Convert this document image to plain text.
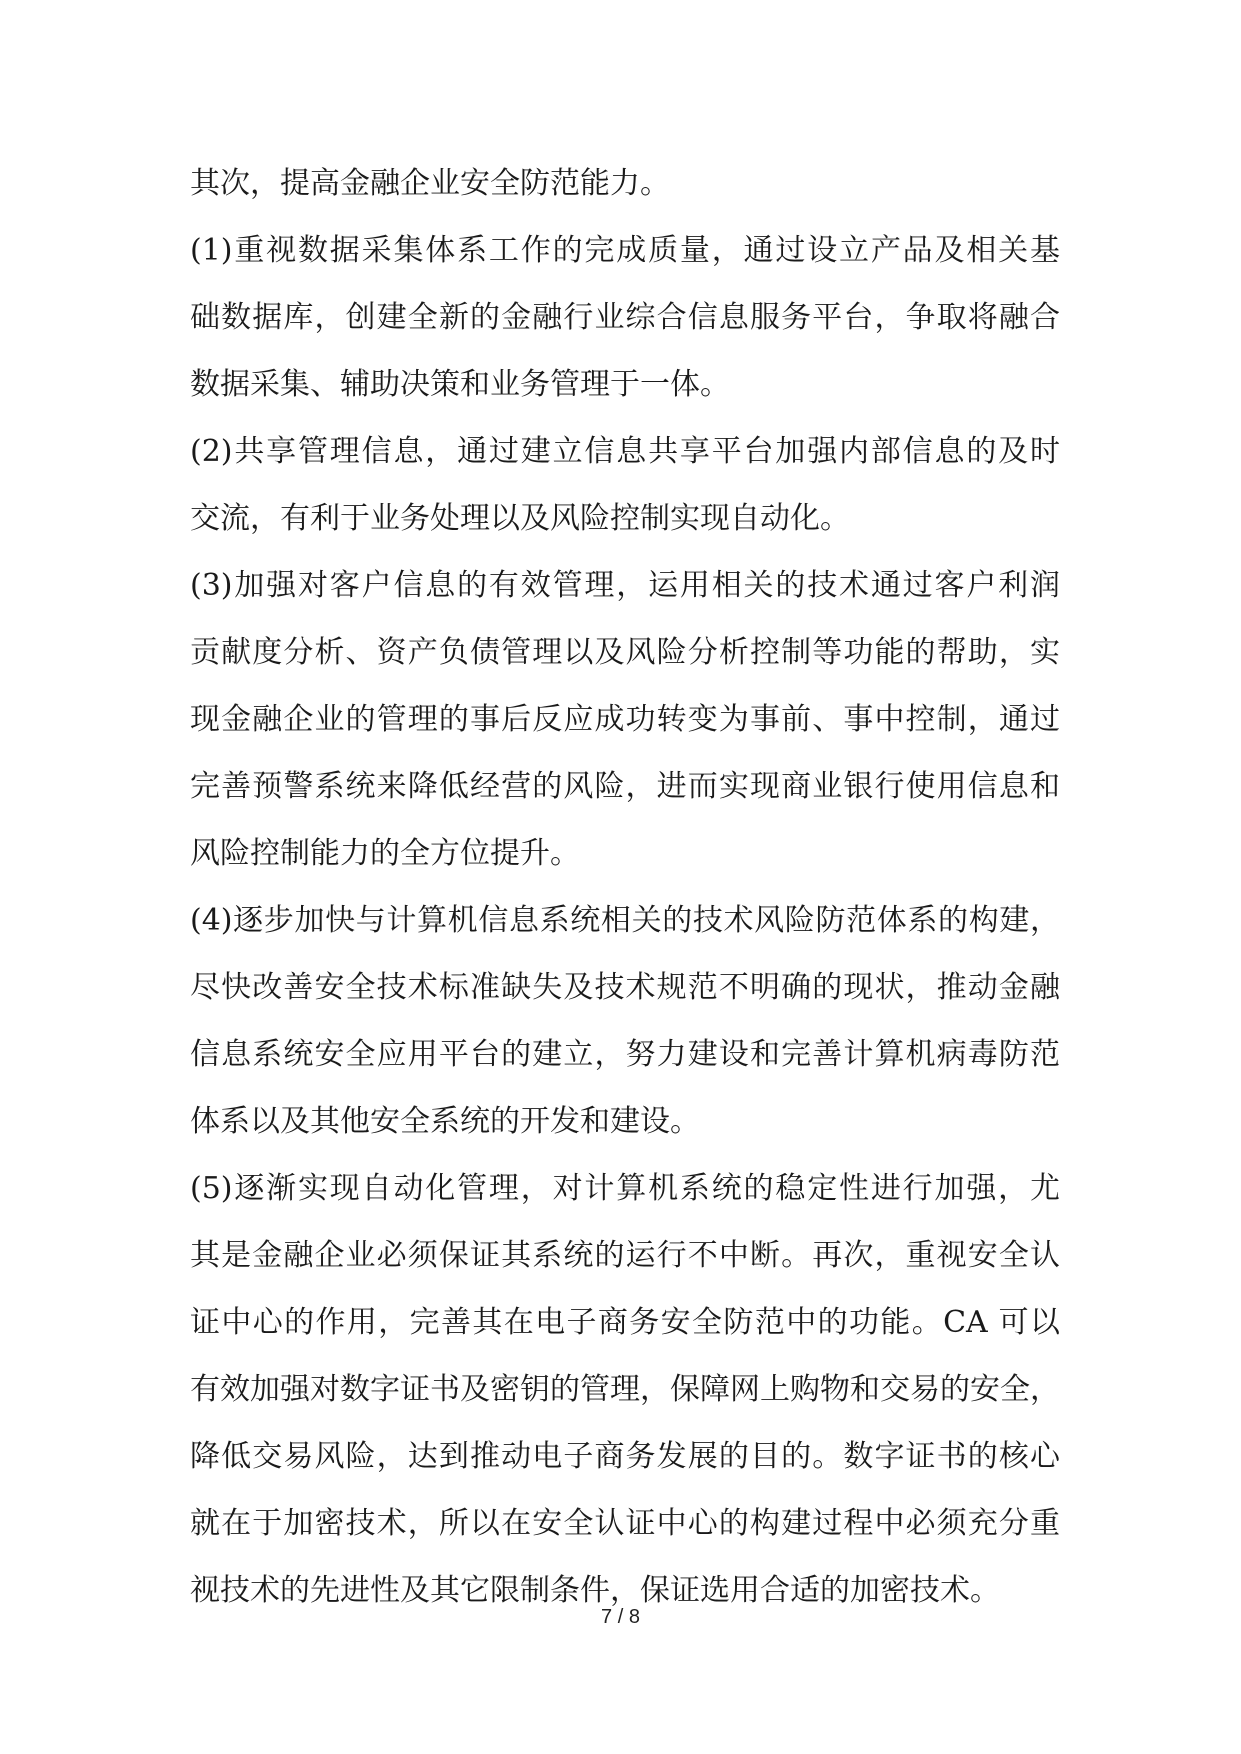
其次，提高金融企业安全防范能力。
(1)重视数据采集体系工作的完成质量，通过设立产品及相关基
础数据库，创建全新的金融行业综合信息服务平台，争取将融合
数据采集、辅助决策和业务管理于一体。
(2)共享管理信息，通过建立信息共享平台加强内部信息的及时
交流，有利于业务处理以及风险控制实现自动化。
(3)加强对客户信息的有效管理，运用相关的技术通过客户利润
贡献度分析、资产负债管理以及风险分析控制等功能的帮助，实
现金融企业的管理的事后反应成功转变为事前、事中控制，通过
完善预警系统来降低经营的风险，进而实现商业银行使用信息和
风险控制能力的全方位提升。
(4)逐步加快与计算机信息系统相关的技术风险防范体系的构建，
尽快改善安全技术标准缺失及技术规范不明确的现状，推动金融
信息系统安全应用平台的建立，努力建设和完善计算机病毒防范
体系以及其他安全系统的开发和建设。
(5)逐渐实现自动化管理，对计算机系统的稳定性进行加强，尤
其是金融企业必须保证其系统的运行不中断。再次，重视安全认
证中心的作用，完善其在电子商务安全防范中的功能。CA 可以
有效加强对数字证书及密钥的管理，保障网上购物和交易的安全，
降低交易风险，达到推动电子商务发展的目的。数字证书的核心
就在于加密技术，所以在安全认证中心的构建过程中必须充分重
视技术的先进性及其它限制条件，保证选用合适的加密技术。
7 / 8
